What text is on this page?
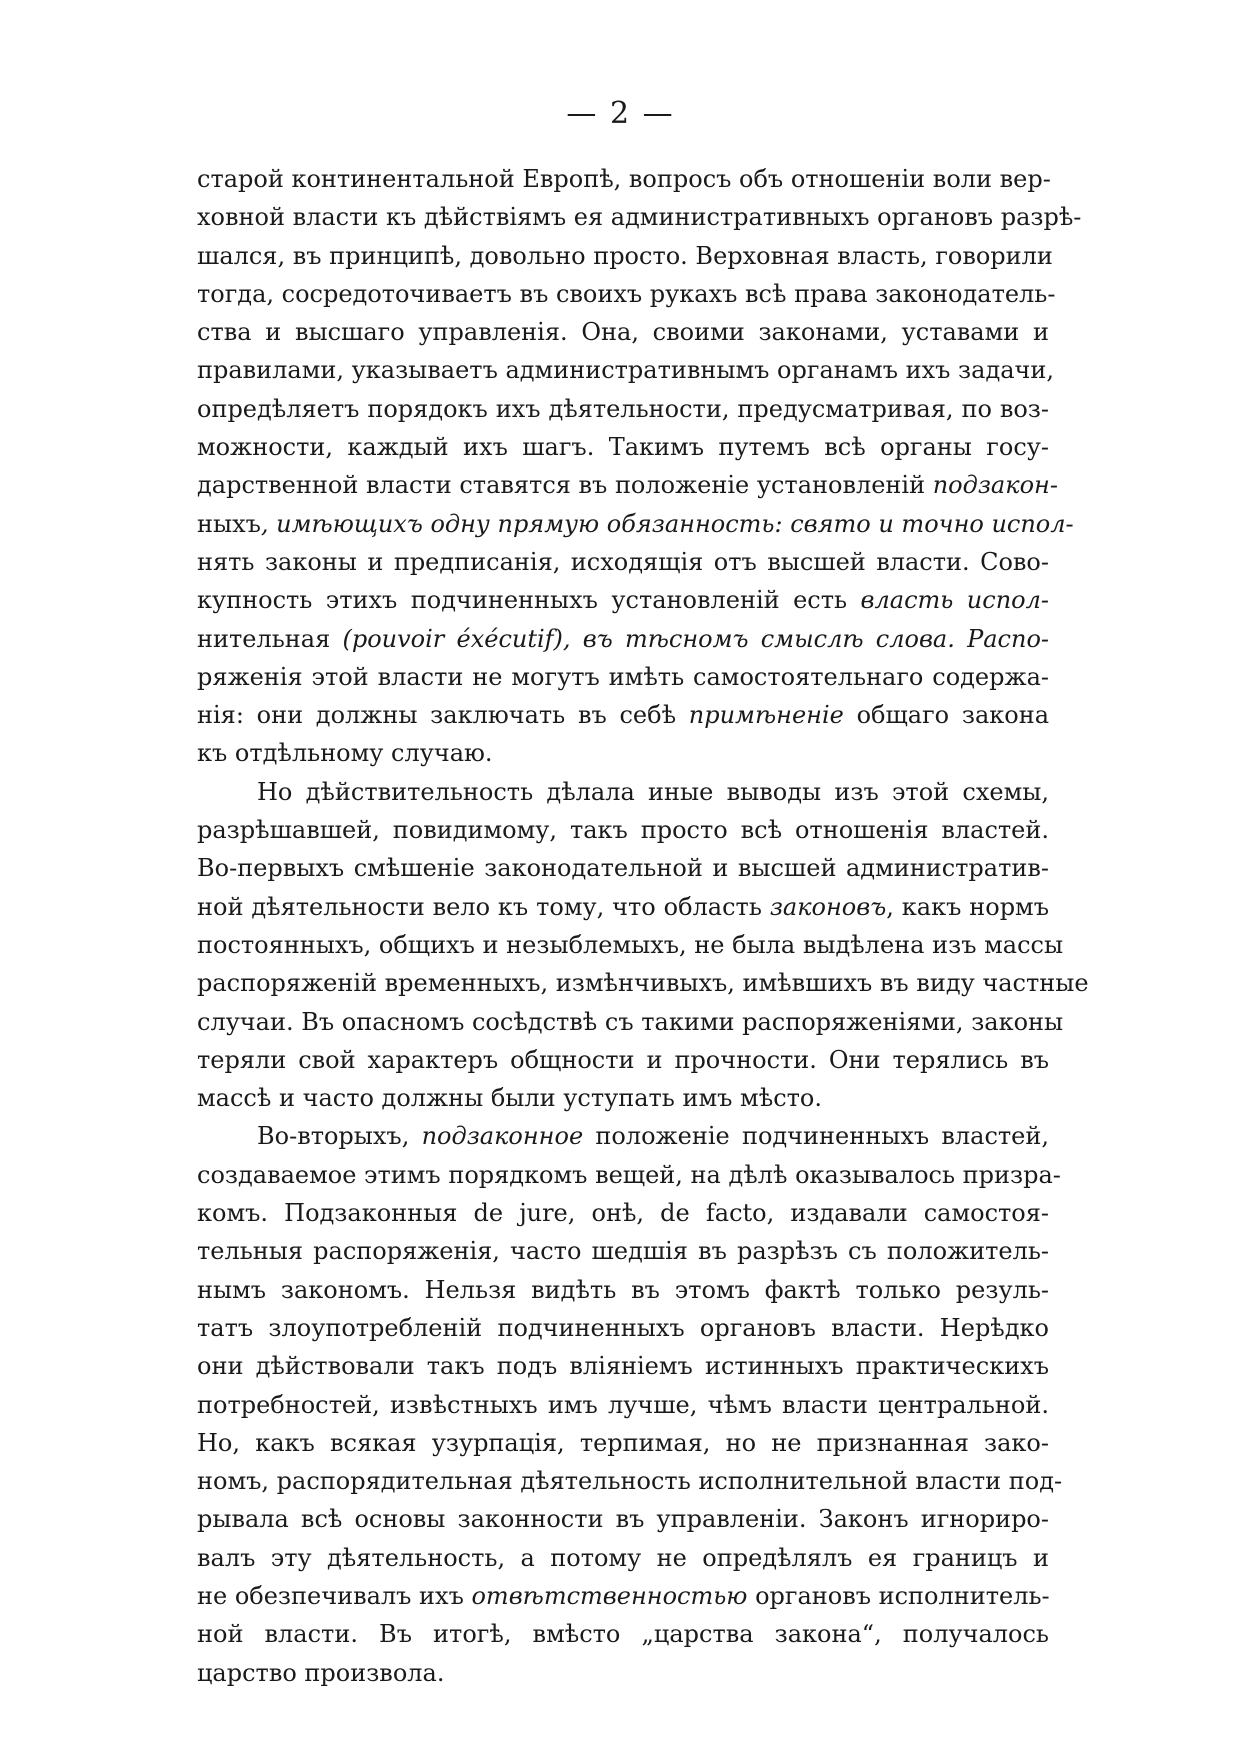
— 2 —
старой континентальной Европѣ, вопросъ объ отношеніи воли вер-
ховной власти къ дѣйствіямъ ея административныхъ органовъ разрѣ-
шался, въ принципѣ, довольно просто. Верховная власть, говорили
тогда, сосредоточиваетъ въ своихъ рукахъ всѣ права законодатель-
ства и высшаго управленія. Она, своими законами, уставами и
правилами, указываетъ административнымъ органамъ ихъ задачи,
опредѣляетъ порядокъ ихъ дѣятельности, предусматривая, по воз-
можности, каждый ихъ шагъ. Такимъ путемъ всѣ органы госу-
дарственной власти ставятся въ положеніе установленій подзакон-
ныхъ, имѣющихъ одну прямую обязанность: свято и точно испол-
нять законы и предписанія, исходящія отъ высшей власти. Сово-
купность этихъ подчиненныхъ установленій есть власть испол-
нительная (pouvoir éxécutif), въ тѣсномъ смыслѣ слова. Распо-
ряженія этой власти не могутъ имѣть самостоятельнаго содержа-
нія: они должны заключать въ себѣ примѣненіе общаго закона
къ отдѣльному случаю.
Но дѣйствительность дѣлала иные выводы изъ этой схемы,
разрѣшавшей, повидимому, такъ просто всѣ отношенія властей.
Во-первыхъ смѣшеніе законодательной и высшей административ-
ной дѣятельности вело къ тому, что область законовъ, какъ нормъ
постоянныхъ, общихъ и незыблемыхъ, не была выдѣлена изъ массы
распоряженій временныхъ, измѣнчивыхъ, имѣвшихъ въ виду частные
случаи. Въ опасномъ сосѣдствѣ съ такими распоряженіями, законы
теряли свой характеръ общности и прочности. Они терялись въ
массѣ и часто должны были уступать имъ мѣсто.
Во-вторыхъ, подзаконное положеніе подчиненныхъ властей,
создаваемое этимъ порядкомъ вещей, на дѣлѣ оказывалось призра-
комъ. Подзаконныя de jure, онѣ, de facto, издавали самостоя-
тельныя распоряженія, часто шедшія въ разрѣзъ съ положитель-
нымъ закономъ. Нельзя видѣть въ этомъ фактѣ только резуль-
татъ злоупотребленій подчиненныхъ органовъ власти. Нерѣдко
они дѣйствовали такъ подъ вліяніемъ истинныхъ практическихъ
потребностей, извѣстныхъ имъ лучше, чѣмъ власти центральной.
Но, какъ всякая узурпація, терпимая, но не признанная зако-
номъ, распорядительная дѣятельность исполнительной власти под-
рывала всѣ основы законности въ управленіи. Законъ игнориро-
валъ эту дѣятельность, а потому не опредѣлялъ ея границъ и
не обезпечивалъ ихъ отвѣтственностью органовъ исполнитель-
ной власти. Въ итогѣ, вмѣсто „царства закона“, получалось
царство произвола.
